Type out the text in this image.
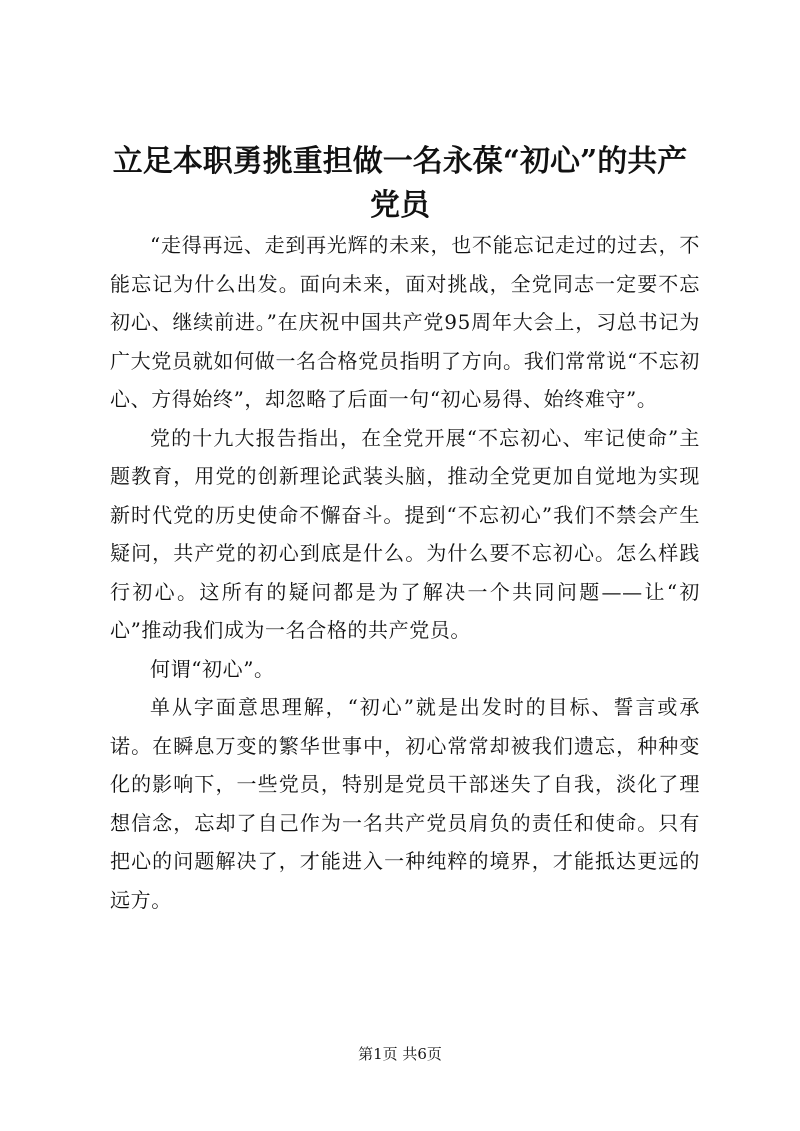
立足本职勇挑重担做一名永葆“初心”的共产党员

“走得再远、走到再光辉的未来，也不能忘记走过的过去，不能忘记为什么出发。面向未来，面对挑战，全党同志一定要不忘初心、继续前进。”在庆祝中国共产党95周年大会上，习总书记为广大党员就如何做一名合格党员指明了方向。我们常常说“不忘初心、方得始终”，却忽略了后面一句“初心易得、始终难守”。

党的十九大报告指出，在全党开展“不忘初心、牢记使命”主题教育，用党的创新理论武装头脑，推动全党更加自觉地为实现新时代党的历史使命不懈奋斗。提到“不忘初心”我们不禁会产生疑问，共产党的初心到底是什么。为什么要不忘初心。怎么样践行初心。这所有的疑问都是为了解决一个共同问题——让“初心”推动我们成为一名合格的共产党员。

何谓“初心”。

单从字面意思理解，“初心”就是出发时的目标、誓言或承诺。在瞬息万变的繁华世事中，初心常常却被我们遗忘，种种变化的影响下，一些党员，特别是党员干部迷失了自我，淡化了理想信念，忘却了自己作为一名共产党员肩负的责任和使命。只有把心的问题解决了，才能进入一种纯粹的境界，才能抵达更远的远方。

第1页 共6页
